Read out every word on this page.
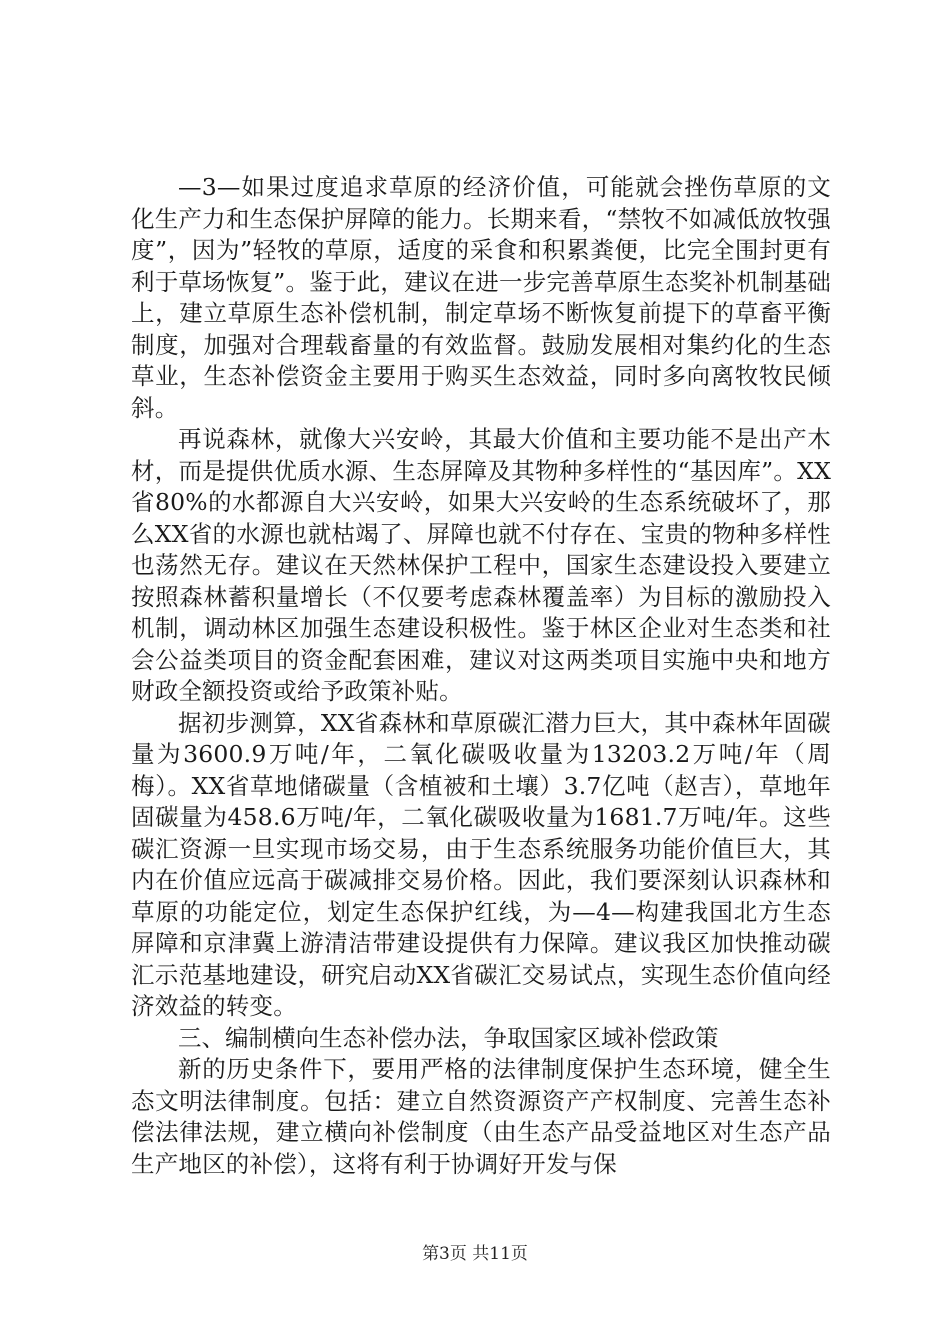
—3—如果过度追求草原的经济价值，可能就会挫伤草原的文化生产力和生态保护屏障的能力。长期来看，“禁牧不如减低放牧强度”，因为”轻牧的草原，适度的采食和积累粪便，比完全围封更有利于草场恢复”。鉴于此，建议在进一步完善草原生态奖补机制基础上，建立草原生态补偿机制，制定草场不断恢复前提下的草畜平衡制度，加强对合理载畜量的有效监督。鼓励发展相对集约化的生态草业，生态补偿资金主要用于购买生态效益，同时多向离牧牧民倾斜。

再说森林，就像大兴安岭，其最大价值和主要功能不是出产木材，而是提供优质水源、生态屏障及其物种多样性的“基因库”。XX省80%的水都源自大兴安岭，如果大兴安岭的生态系统破坏了，那么XX省的水源也就枯竭了、屏障也就不付存在、宝贵的物种多样性也荡然无存。建议在天然林保护工程中，国家生态建设投入要建立按照森林蓄积量增长（不仅要考虑森林覆盖率）为目标的激励投入机制，调动林区加强生态建设积极性。鉴于林区企业对生态类和社会公益类项目的资金配套困难，建议对这两类项目实施中央和地方财政全额投资或给予政策补贴。

据初步测算，XX省森林和草原碳汇潜力巨大，其中森林年固碳量为3600.9万吨/年，二氧化碳吸收量为13203.2万吨/年（周梅）。XX省草地储碳量（含植被和土壤）3.7亿吨（赵吉），草地年固碳量为458.6万吨/年，二氧化碳吸收量为1681.7万吨/年。这些碳汇资源一旦实现市场交易，由于生态系统服务功能价值巨大，其内在价值应远高于碳减排交易价格。因此，我们要深刻认识森林和草原的功能定位，划定生态保护红线，为—4—构建我国北方生态屏障和京津冀上游清洁带建设提供有力保障。建议我区加快推动碳汇示范基地建设，研究启动XX省碳汇交易试点，实现生态价值向经济效益的转变。

三、编制横向生态补偿办法，争取国家区域补偿政策

新的历史条件下，要用严格的法律制度保护生态环境，健全生态文明法律制度。包括：建立自然资源资产产权制度、完善生态补偿法律法规，建立横向补偿制度（由生态产品受益地区对生态产品生产地区的补偿），这将有利于协调好开发与保

第3页 共11页
